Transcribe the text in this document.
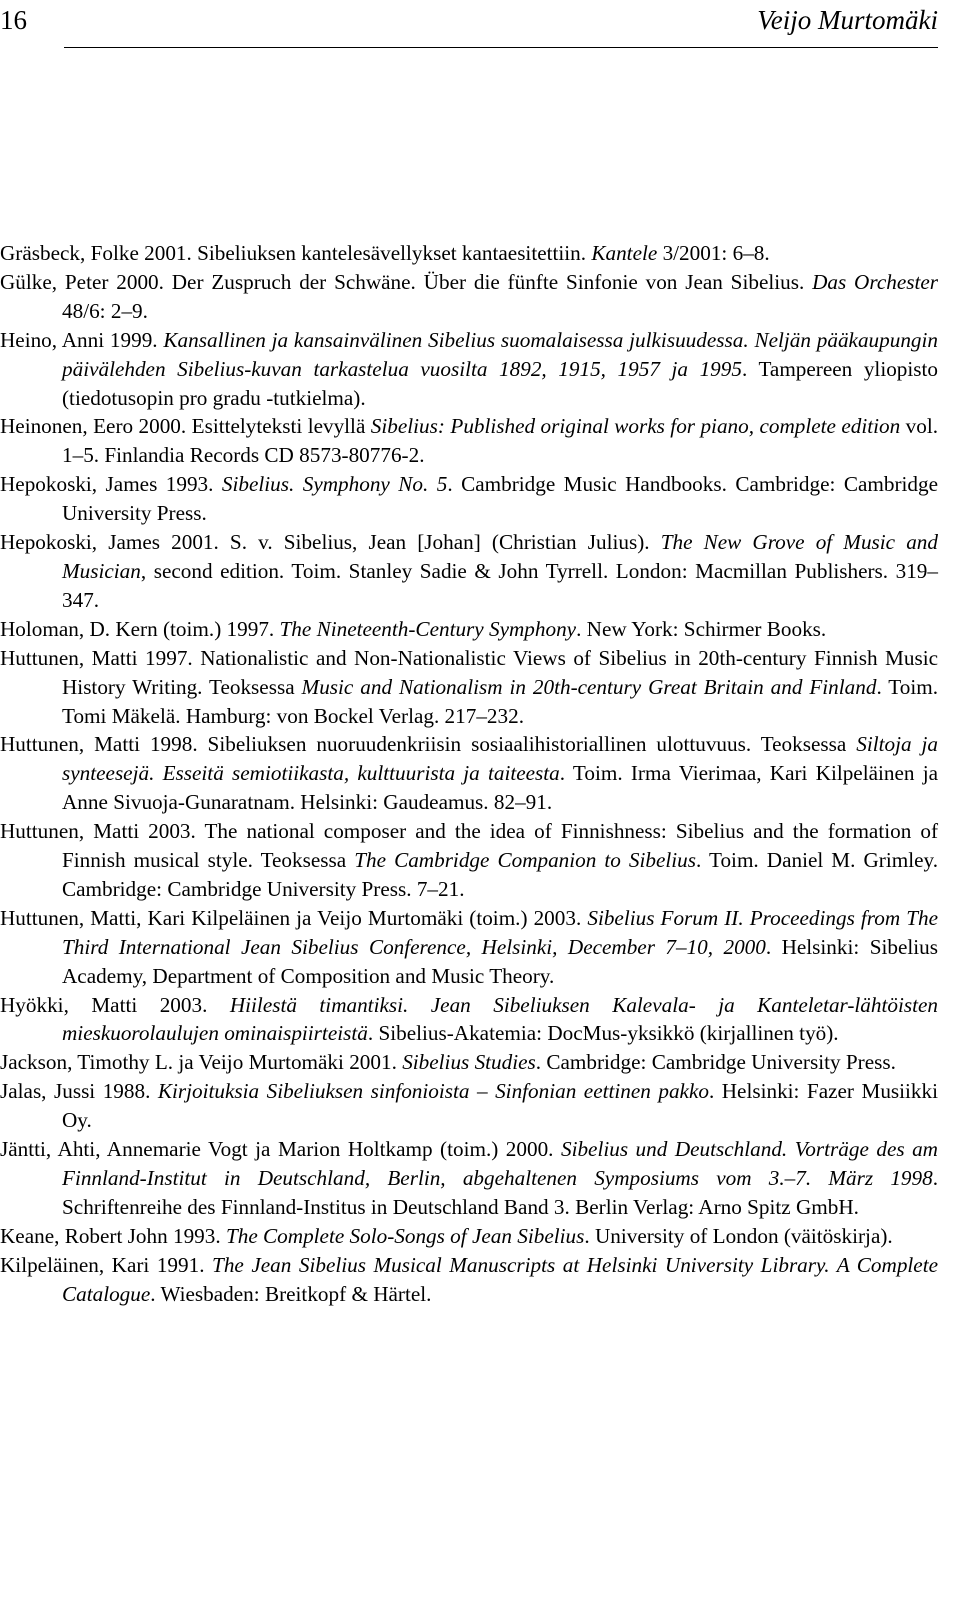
16	Veijo Murtomäki
Gräsbeck, Folke 2001. Sibeliuksen kantelesävellykset kantaesitettiin. Kantele 3/2001: 6–8.
Gülke, Peter 2000. Der Zuspruch der Schwäne. Über die fünfte Sinfonie von Jean Sibelius. Das Orchester 48/6: 2–9.
Heino, Anni 1999. Kansallinen ja kansainvälinen Sibelius suomalaisessa julkisuudessa. Neljän pääkaupungin päivälehden Sibelius-kuvan tarkastelua vuosilta 1892, 1915, 1957 ja 1995. Tampereen yliopisto (tiedotusopin pro gradu -tutkielma).
Heinonen, Eero 2000. Esittelyteksti levyllä Sibelius: Published original works for piano, complete edition vol. 1–5. Finlandia Records CD 8573-80776-2.
Hepokoski, James 1993. Sibelius. Symphony No. 5. Cambridge Music Handbooks. Cambridge: Cambridge University Press.
Hepokoski, James 2001. S. v. Sibelius, Jean [Johan] (Christian Julius). The New Grove of Music and Musician, second edition. Toim. Stanley Sadie & John Tyrrell. London: Macmillan Publishers. 319–347.
Holoman, D. Kern (toim.) 1997. The Nineteenth-Century Symphony. New York: Schirmer Books.
Huttunen, Matti 1997. Nationalistic and Non-Nationalistic Views of Sibelius in 20th-century Finnish Music History Writing. Teoksessa Music and Nationalism in 20th-century Great Britain and Finland. Toim. Tomi Mäkelä. Hamburg: von Bockel Verlag. 217–232.
Huttunen, Matti 1998. Sibeliuksen nuoruudenkriisin sosiaalihistoriallinen ulottuvuus. Teoksessa Siltoja ja synteesejä. Esseitä semiotiikasta, kulttuurista ja taiteesta. Toim. Irma Vierimaa, Kari Kilpeläinen ja Anne Sivuoja-Gunaratnam. Helsinki: Gaudeamus. 82–91.
Huttunen, Matti 2003. The national composer and the idea of Finnishness: Sibelius and the formation of Finnish musical style. Teoksessa The Cambridge Companion to Sibelius. Toim. Daniel M. Grimley. Cambridge: Cambridge University Press. 7–21.
Huttunen, Matti, Kari Kilpeläinen ja Veijo Murtomäki (toim.) 2003. Sibelius Forum II. Proceedings from The Third International Jean Sibelius Conference, Helsinki, December 7–10, 2000. Helsinki: Sibelius Academy, Department of Composition and Music Theory.
Hyökki, Matti 2003. Hiilestä timantiksi. Jean Sibeliuksen Kalevala- ja Kanteletar-lähtöisten mieskuorolaulujen ominaispiirteistä. Sibelius-Akatemia: DocMus-yksikkö (kirjallinen työ).
Jackson, Timothy L. ja Veijo Murtomäki 2001. Sibelius Studies. Cambridge: Cambridge University Press.
Jalas, Jussi 1988. Kirjoituksia Sibeliuksen sinfonioista – Sinfonian eettinen pakko. Helsinki: Fazer Musiikki Oy.
Jäntti, Ahti, Annemarie Vogt ja Marion Holtkamp (toim.) 2000. Sibelius und Deutschland. Vorträge des am Finnland-Institut in Deutschland, Berlin, abgehaltenen Symposiums vom 3.–7. März 1998. Schriftenreihe des Finnland-Institus in Deutschland Band 3. Berlin Verlag: Arno Spitz GmbH.
Keane, Robert John 1993. The Complete Solo-Songs of Jean Sibelius. University of London (väitöskirja).
Kilpeläinen, Kari 1991. The Jean Sibelius Musical Manuscripts at Helsinki University Library. A Complete Catalogue. Wiesbaden: Breitkopf & Härtel.
